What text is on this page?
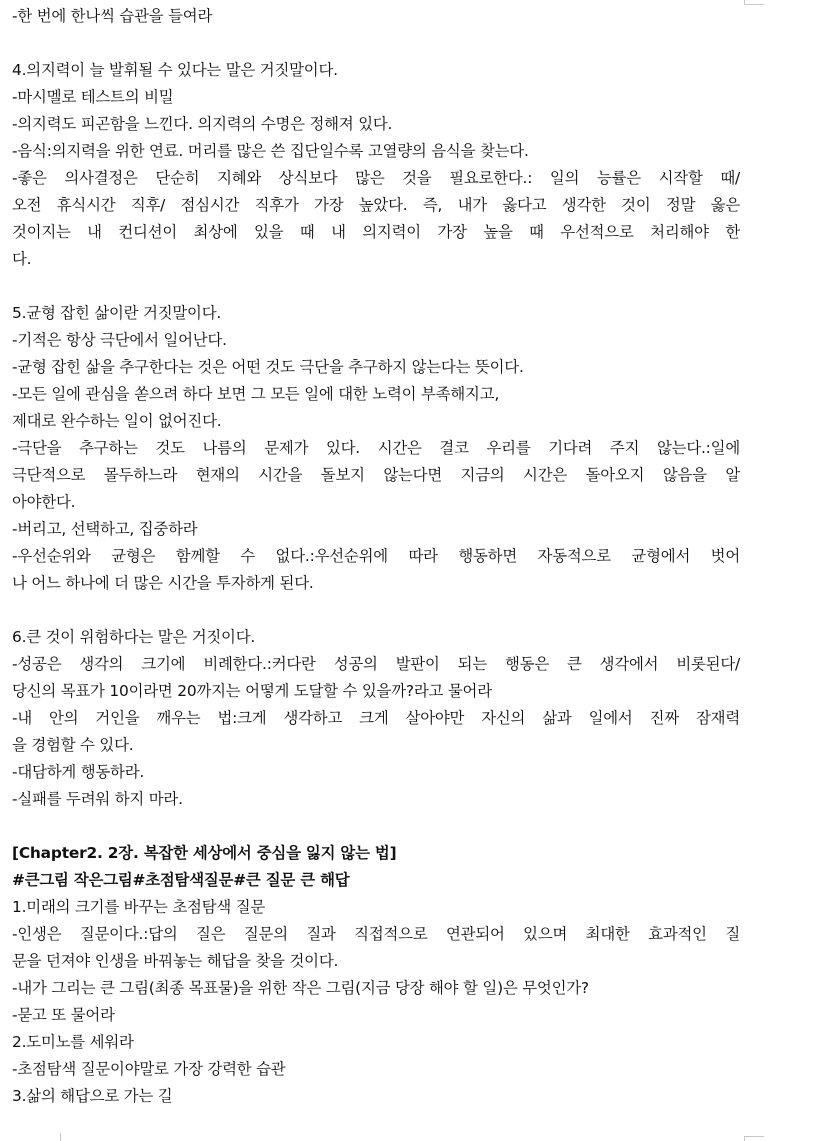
-한 번에 한나씩 습관을 들여라

4.의지력이 늘 발휘될 수 있다는 말은 거짓말이다.

-마시멜로 테스트의 비밀

-의지력도 피곤함을 느낀다. 의지력의 수명은 정해져 있다.

-음식:의지력을 위한 연료. 머리를 많은 쓴 집단일수록 고열량의 음식을 찾는다.

-좋은 의사결정은 단순히 지혜와 상식보다 많은 것을 필요로한다.: 일의 능률은 시작할 때/

오전 휴식시간 직후/ 점심시간 직후가 가장 높았다. 즉, 내가 옳다고 생각한 것이 정말 옳은

것이지는 내 컨디션이 최상에 있을 때 내 의지력이 가장 높을 때 우선적으로 처리해야 한

다.

5.균형 잡힌 삶이란 거짓말이다.

-기적은 항상 극단에서 일어난다.

-균형 잡힌 삶을 추구한다는 것은 어떤 것도 극단을 추구하지 않는다는 뜻이다.

-모든 일에 관심을 쏟으려 하다 보면 그 모든 일에 대한 노력이 부족해지고,

제대로 완수하는 일이 없어진다.

-극단을 추구하는 것도 나름의 문제가 있다. 시간은 결코 우리를 기다려 주지 않는다.:일에

극단적으로 몰두하느라 현재의 시간을 돌보지 않는다면 지금의 시간은 돌아오지 않음을 알

아야한다.

-버리고, 선택하고, 집중하라

-우선순위와 균형은 함께할 수 없다.:우선순위에 따라 행동하면 자동적으로 균형에서 벗어

나 어느 하나에 더 많은 시간을 투자하게 된다.

6.큰 것이 위험하다는 말은 거짓이다.

-성공은 생각의 크기에 비례한다.:커다란 성공의 발판이 되는 행동은 큰 생각에서 비롯된다/

당신의 목표가 10이라면 20까지는 어떻게 도달할 수 있을까?라고 물어라

-내 안의 거인을 깨우는 법:크게 생각하고 크게 살아야만 자신의 삶과 일에서 진짜 잠재력

을 경험할 수 있다.

-대담하게 행동하라.

-실패를 두려워 하지 마라.

[Chapter2. 2장. 복잡한 세상에서 중심을 잃지 않는 법]

#큰그림 작은그림#초점탐색질문#큰 질문 큰 해답

1.미래의 크기를 바꾸는 초점탐색 질문

-인생은 질문이다.:답의 질은 질문의 질과 직접적으로 연관되어 있으며 최대한 효과적인 질

문을 던져야 인생을 바꿔놓는 해답을 찾을 것이다.

-내가 그리는 큰 그림(최종 목표물)을 위한 작은 그림(지금 당장 해야 할 일)은 무엇인가?

-묻고 또 물어라

2.도미노를 세워라

-초점탐색 질문이야말로 가장 강력한 습관

3.삶의 해답으로 가는 길
